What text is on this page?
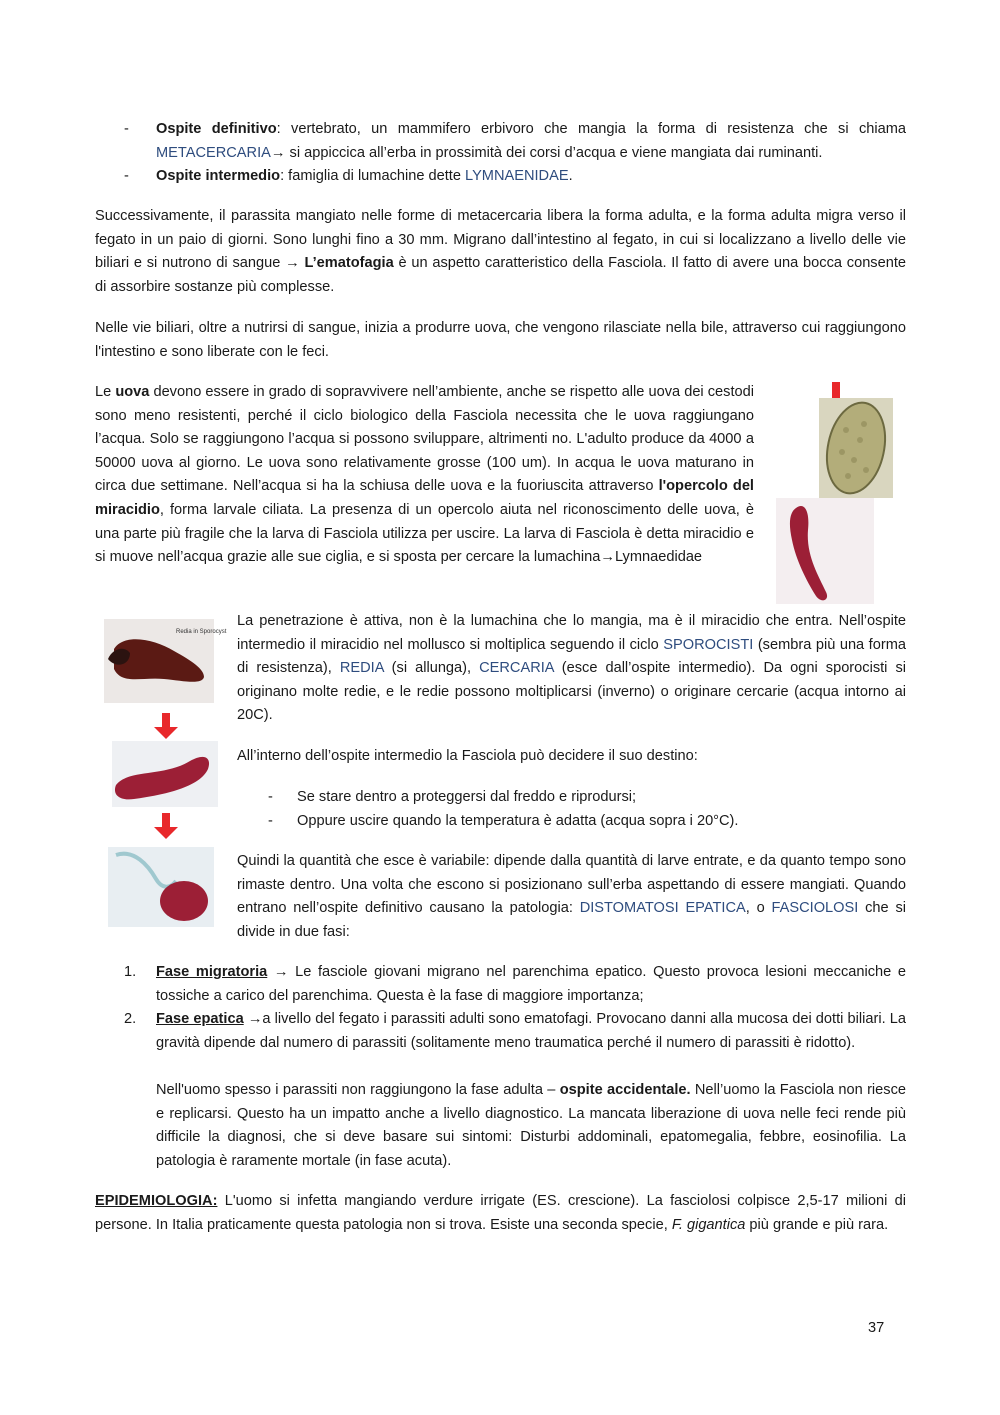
- Ospite definitivo: vertebrato, un mammifero erbivoro che mangia la forma di resistenza che si chiama METACERCARIA→ si appiccica all’erba in prossimità dei corsi d’acqua e viene mangiata dai ruminanti.

- Ospite intermedio: famiglia di lumachine dette LYMNAENIDAE.

Successivamente, il parassita mangiato nelle forme di metacercaria libera la forma adulta, e la forma adulta migra verso il fegato in un paio di giorni. Sono lunghi fino a 30 mm. Migrano dall’intestino al fegato, in cui si localizzano a livello delle vie biliari e si nutrono di sangue → L’ematofagia è un aspetto caratteristico della Fasciola. Il fatto di avere una bocca consente di assorbire sostanze più complesse.

Nelle vie biliari, oltre a nutrirsi di sangue, inizia a produrre uova, che vengono rilasciate nella bile, attraverso cui raggiungono l'intestino e sono liberate con le feci.

Le uova devono essere in grado di sopravvivere nell’ambiente, anche se rispetto alle uova dei cestodi sono meno resistenti, perché il ciclo biologico della Fasciola necessita che le uova raggiungano l’acqua. Solo se raggiungono l’acqua si possono sviluppare, altrimenti no. L'adulto produce da 4000 a 50000 uova al giorno. Le uova sono relativamente grosse (100 um). In acqua le uova maturano in circa due settimane. Nell’acqua si ha la schiusa delle uova e la fuoriuscita attraverso l'opercolo del miracidio, forma larvale ciliata. La presenza di un opercolo aiuta nel riconoscimento delle uova, è una parte più fragile che la larva di Fasciola utilizza per uscire. La larva di Fasciola è detta miracidio e si muove nell’acqua grazie alle sue ciglia, e si sposta per cercare la lumachina→Lymnaedidae

Redia in Sporocyst

La penetrazione è attiva, non è la lumachina che lo mangia, ma è il miracidio che entra. Nell’ospite intermedio il miracidio nel mollusco si moltiplica seguendo il ciclo SPOROCISTI (sembra più una forma di resistenza), REDIA (si allunga), CERCARIA (esce dall’ospite intermedio). Da ogni sporocisti si originano molte redie, e le redie possono moltiplicarsi (inverno) o originare cercarie (acqua intorno ai 20C).

All’interno dell’ospite intermedio la Fasciola può decidere il suo destino:

- Se stare dentro a proteggersi dal freddo e riprodursi;

- Oppure uscire quando la temperatura è adatta (acqua sopra i 20°C).

Quindi la quantità che esce è variabile: dipende dalla quantità di larve entrate, e da quanto tempo sono rimaste dentro. Una volta che escono si posizionano sull’erba aspettando di essere mangiati. Quando entrano nell’ospite definitivo causano la patologia: DISTOMATOSI EPATICA, o FASCIOLOSI che si divide in due fasi:

1. Fase migratoria → Le fasciole giovani migrano nel parenchima epatico. Questo provoca lesioni meccaniche e tossiche a carico del parenchima. Questa è la fase di maggiore importanza;

2. Fase epatica →a livello del fegato i parassiti adulti sono ematofagi. Provocano danni alla mucosa dei dotti biliari. La gravità dipende dal numero di parassiti (solitamente meno traumatica perché il numero di parassiti è ridotto).

Nell'uomo spesso i parassiti non raggiungono la fase adulta – ospite accidentale. Nell’uomo la Fasciola non riesce e replicarsi. Questo ha un impatto anche a livello diagnostico. La mancata liberazione di uova nelle feci rende più difficile la diagnosi, che si deve basare sui sintomi: Disturbi addominali, epatomegalia, febbre, eosinofilia. La patologia è raramente mortale (in fase acuta).

EPIDEMIOLOGIA: L'uomo si infetta mangiando verdure irrigate (ES. crescione). La fasciolosi colpisce 2,5-17 milioni di persone. In Italia praticamente questa patologia non si trova. Esiste una seconda specie, F. gigantica più grande e più rara.

37
